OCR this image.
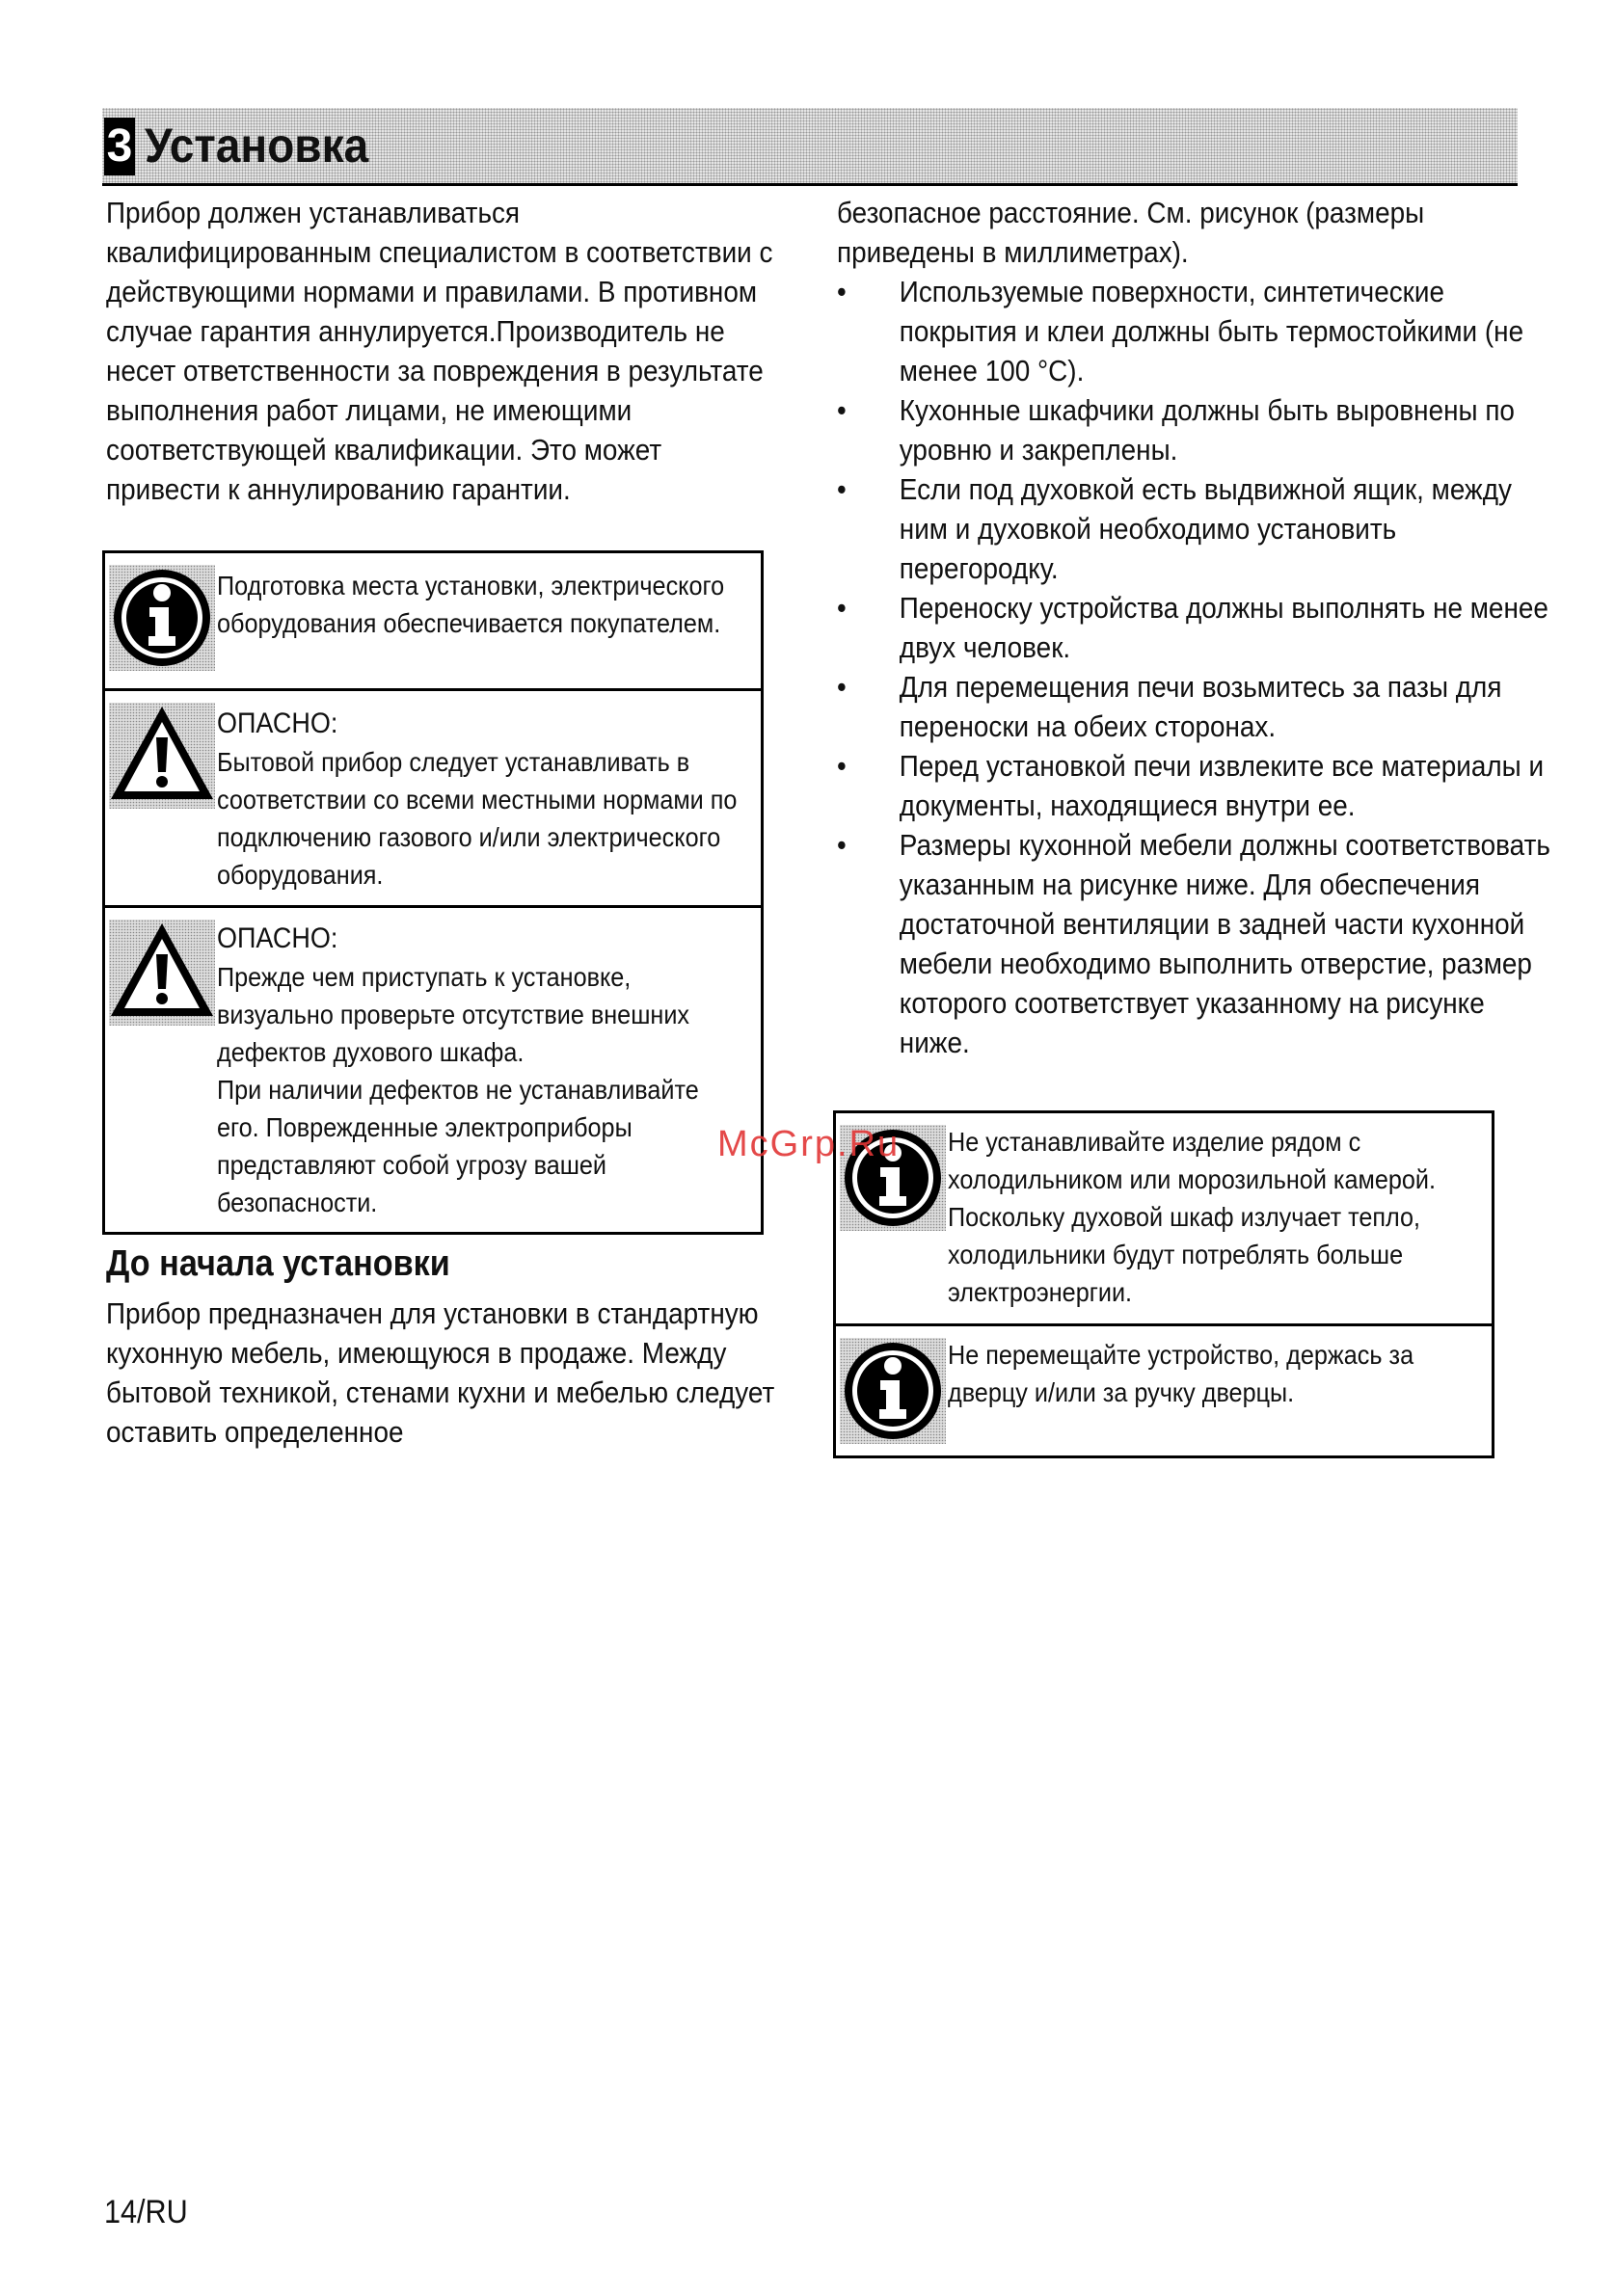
3 Установка
Прибор должен устанавливаться квалифицированным специалистом в соответствии с действующими нормами и правилами. В противном случае гарантия аннулируется.Производитель не несет ответственности за повреждения в результате выполнения работ лицами, не имеющими соответствующей квалификации. Это может привести к аннулированию гарантии.
Подготовка места установки, электрического оборудования обеспечивается покупателем.
ОПАСНО:
Бытовой прибор следует устанавливать в соответствии со всеми местными нормами по подключению газового и/или электрического оборудования.
ОПАСНО:
Прежде чем приступать к установке, визуально проверьте отсутствие внешних дефектов духового шкафа.
При наличии дефектов не устанавливайте его. Поврежденные электроприборы представляют собой угрозу вашей безопасности.
До начала установки
Прибор предназначен для установки в стандартную кухонную мебель, имеющуюся в продаже. Между бытовой техникой, стенами кухни и мебелью следует оставить определенное
безопасное расстояние. См. рисунок (размеры приведены в миллиметрах).
• Используемые поверхности, синтетические покрытия и клеи должны быть термостойкими (не менее 100 °C).
• Кухонные шкафчики должны быть выровнены по уровню и закреплены.
• Если под духовкой есть выдвижной ящик, между ним и духовкой необходимо установить перегородку.
• Переноску устройства должны выполнять не менее двух человек.
• Для перемещения печи возьмитесь за пазы для переноски на обеих сторонах.
• Перед установкой печи извлеките все материалы и документы, находящиеся внутри ее.
• Размеры кухонной мебели должны соответствовать указанным на рисунке ниже. Для обеспечения достаточной вентиляции в задней части кухонной мебели необходимо выполнить отверстие, размер которого соответствует указанному на рисунке ниже.
Не устанавливайте изделие рядом с холодильником или морозильной камерой. Поскольку духовой шкаф излучает тепло, холодильники будут потреблять больше электроэнергии.
Не перемещайте устройство, держась за дверцу и/или за ручку дверцы.
McGrp.Ru
14/RU
